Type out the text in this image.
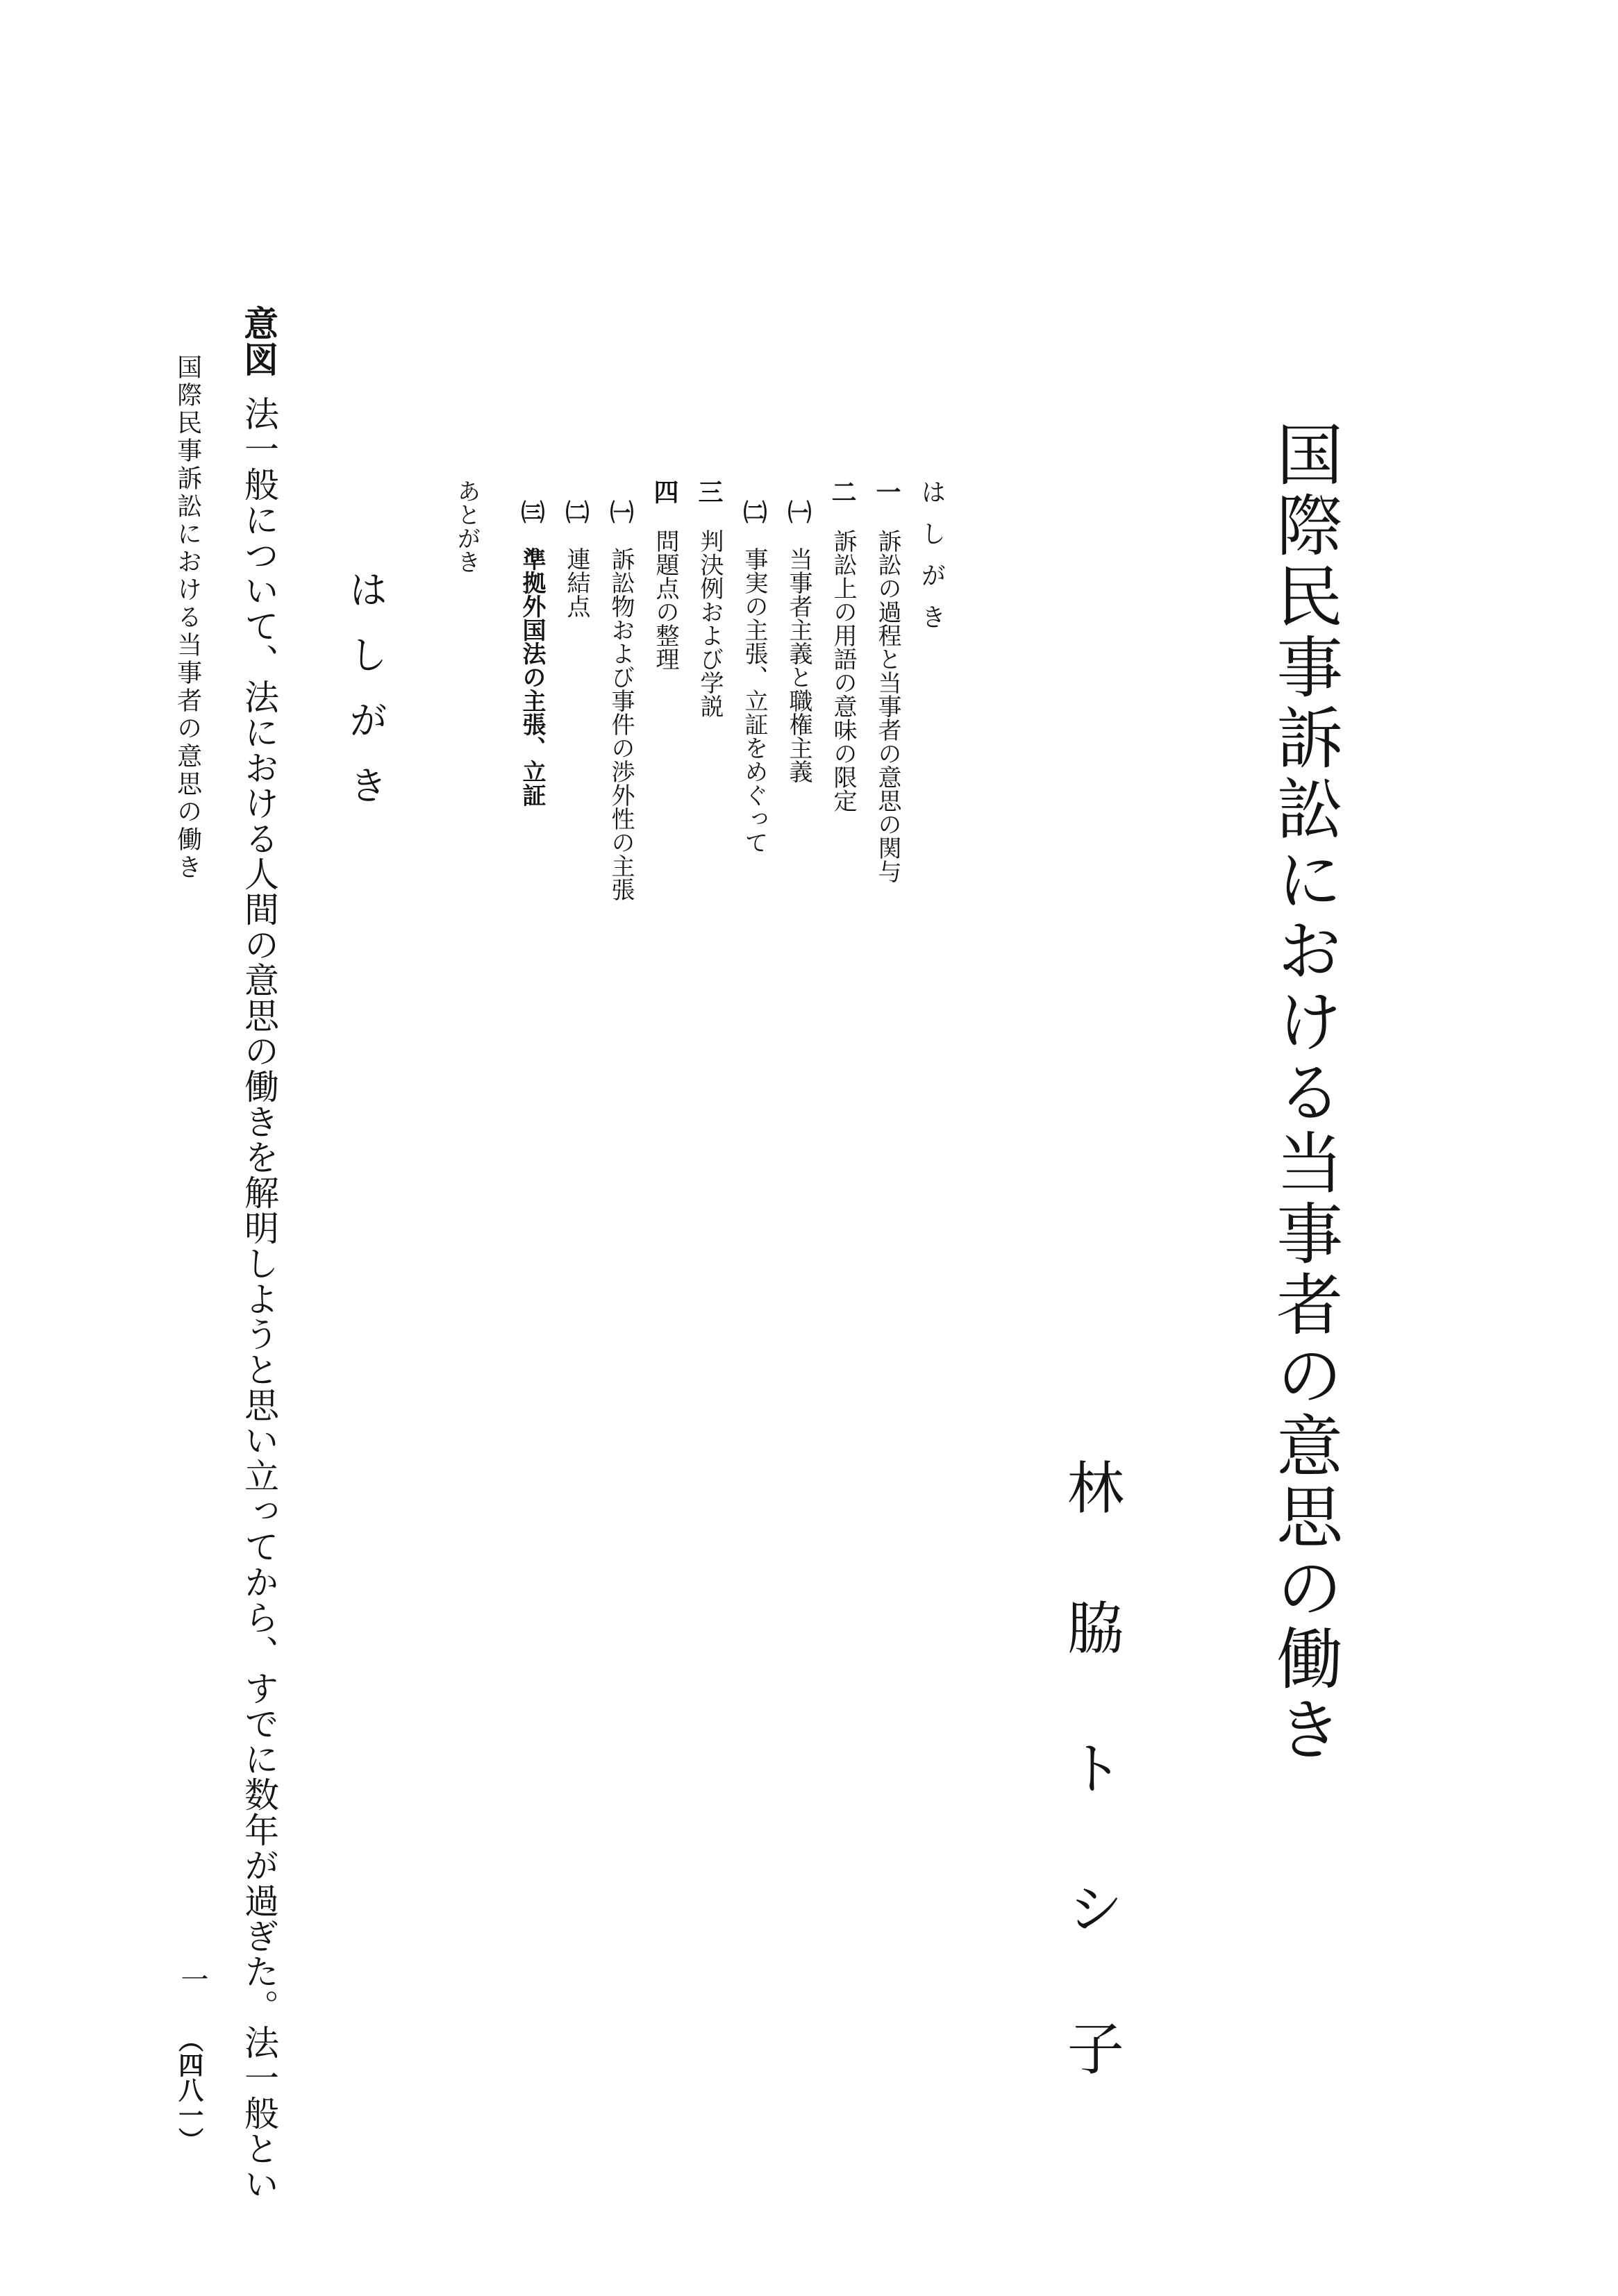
国際民事訴訟における当事者の意思の働き

林脇トシ子

はしがき
一
訴訟の過程と当事者の意思の関与
二
訴訟上の用語の意味の限定
㈠
当事者主義と職権主義
㈡
事実の主張、立証をめぐって
三
判決例および学説
四
問題点の整理
㈠
訴訟物および事件の渉外性の主張
㈡
連結点
㈢
準拠外国法の主張、立証
あとがき

はしがき

意図

法一般について、法における人間の意思の働きを解明しようと思い立ってから、すでに数年が過ぎた。法一般とい

国際民事訴訟における当事者の意思の働き

一

（四八一）
